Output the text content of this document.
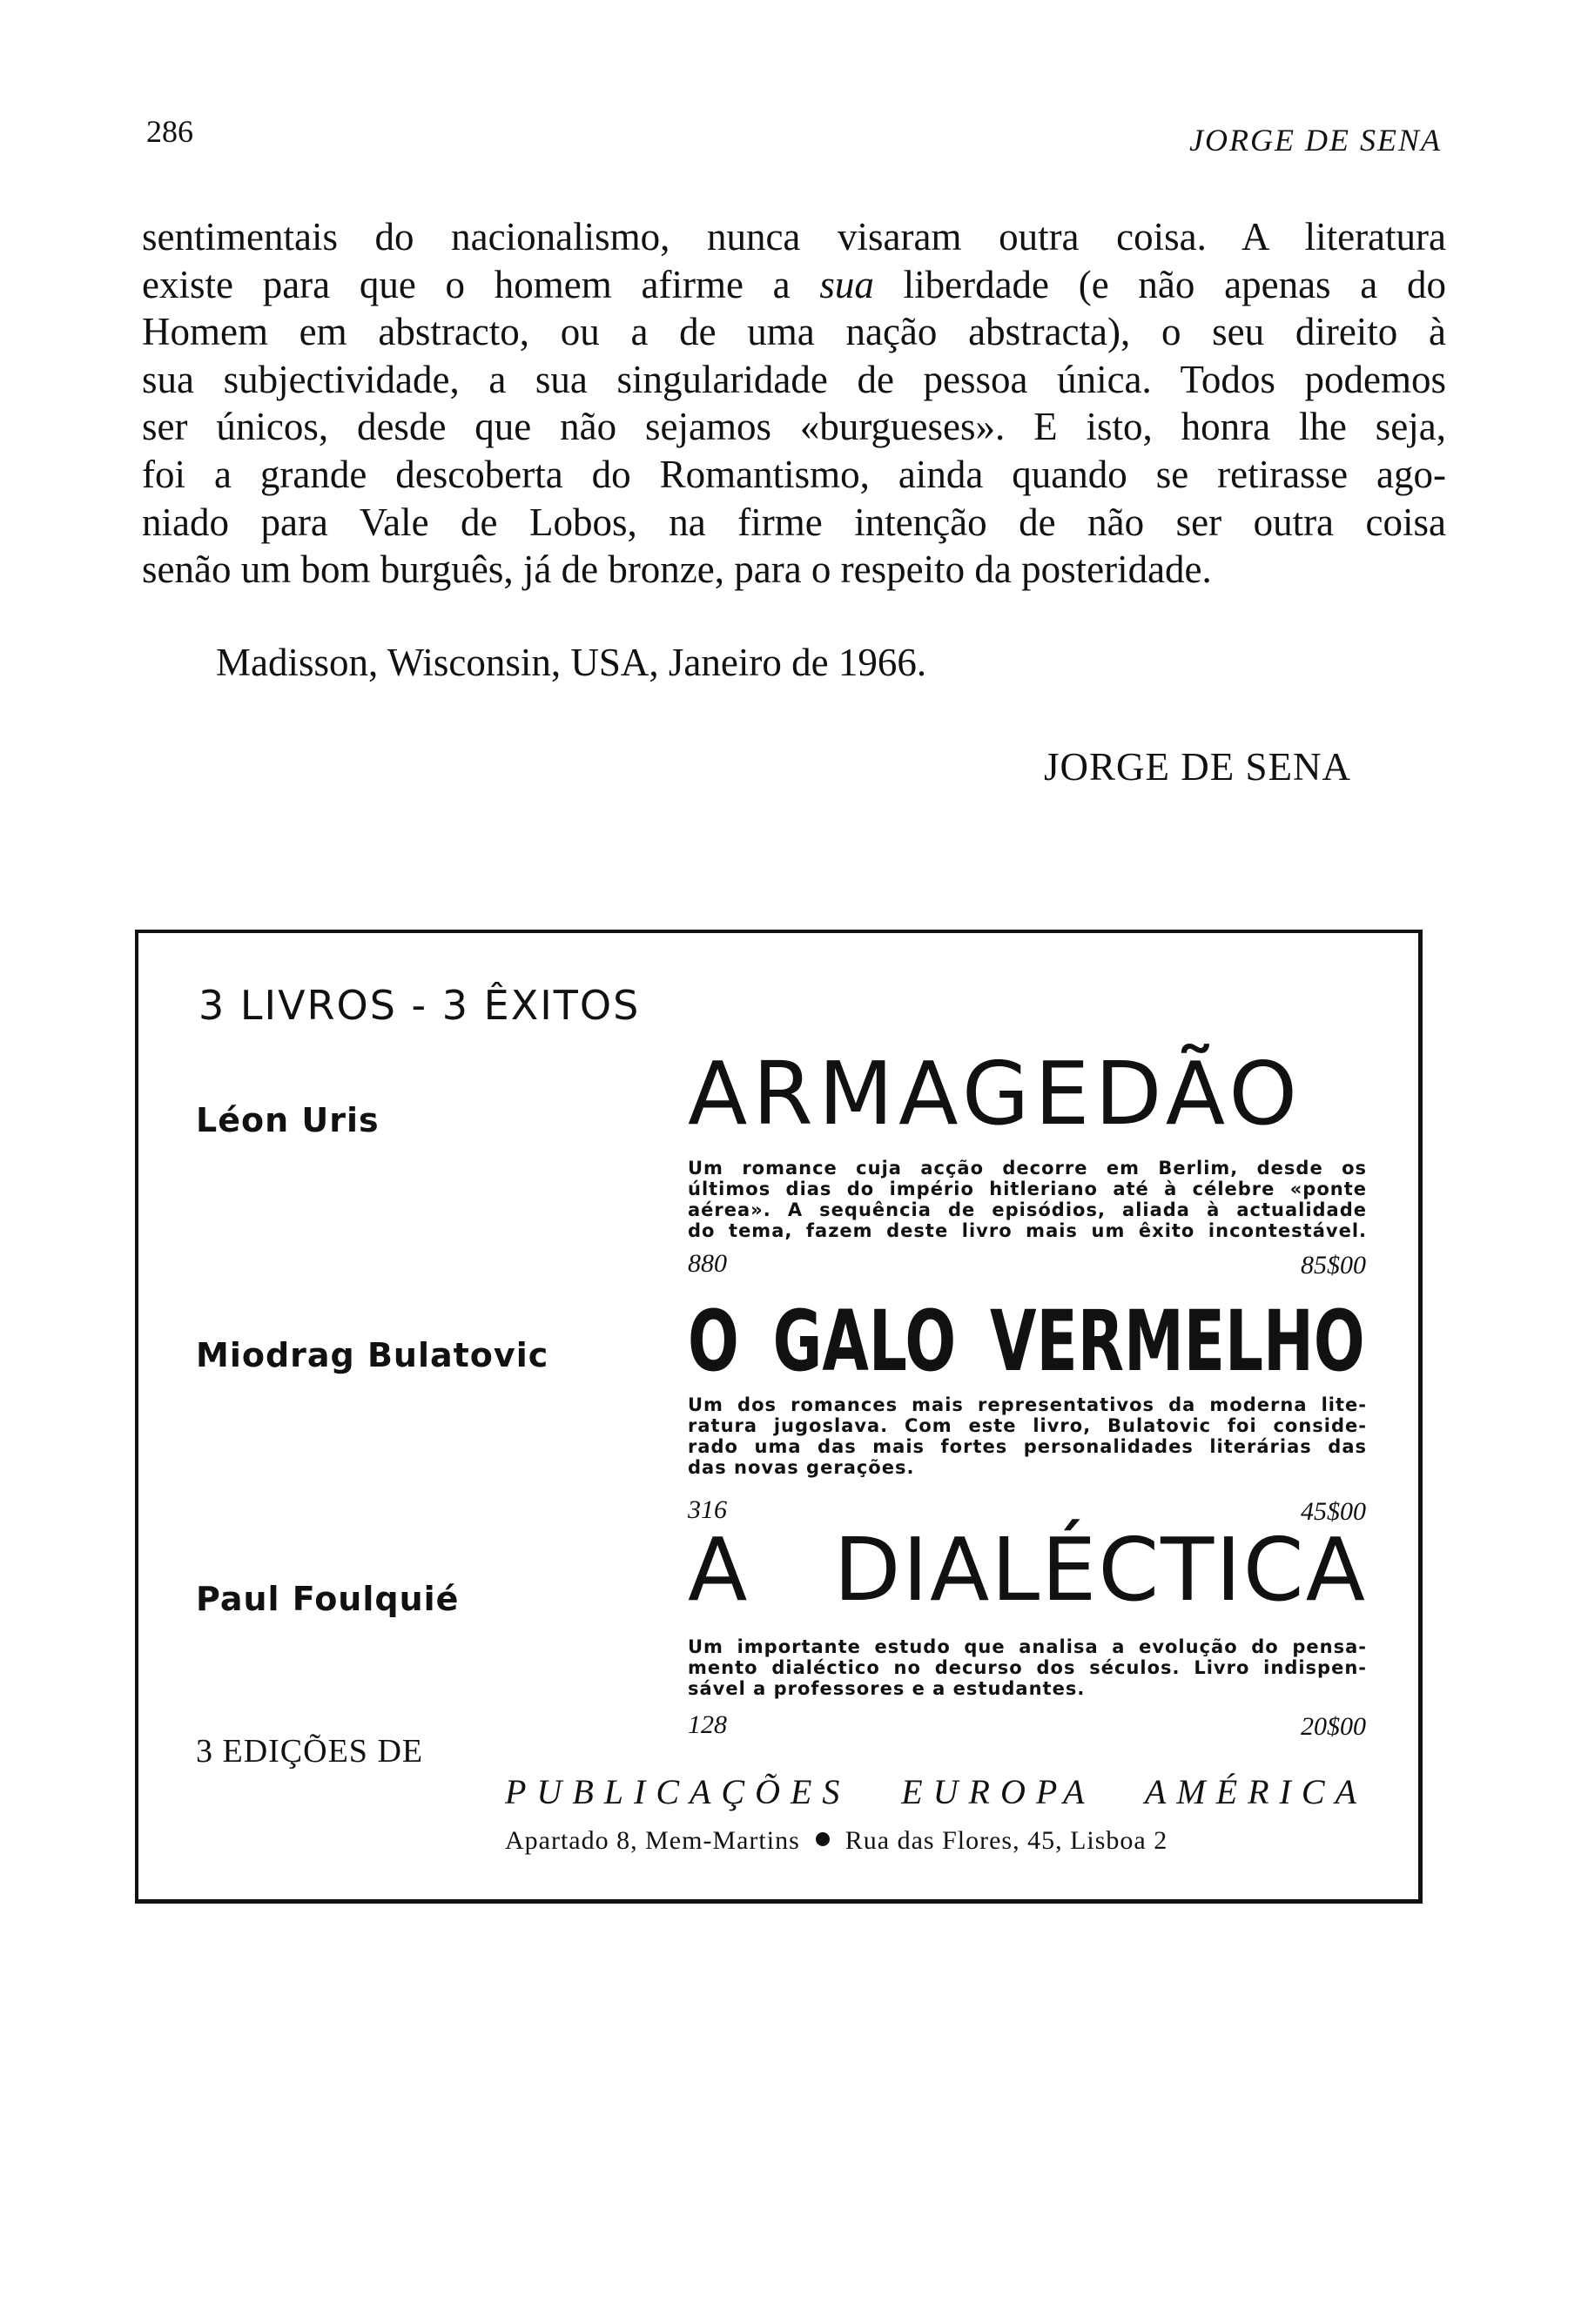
286	JORGE DE SENA
sentimentais do nacionalismo, nunca visaram outra coisa. A literatura
existe para que o homem afirme a sua liberdade (e não apenas a do
Homem em abstracto, ou a de uma nação abstracta), o seu direito à
sua subjectividade, a sua singularidade de pessoa única. Todos podemos
ser únicos, desde que não sejamos «burgueses». E isto, honra lhe seja,
foi a grande descoberta do Romantismo, ainda quando se retirasse ago-
niado para Vale de Lobos, na firme intenção de não ser outra coisa
senão um bom burguês, já de bronze, para o respeito da posteridade.
Madisson, Wisconsin, USA, Janeiro de 1966.
JORGE DE SENA
3 LIVROS - 3 ÊXITOS
Léon Uris	ARMAGEDÃO
Um romance cuja acção decorre em Berlim, desde os
últimos dias do império hitleriano até à célebre «ponte
aérea». A sequência de episódios, aliada à actualidade
do tema, fazem deste livro mais um êxito incontestável.
880	85$00
Miodrag Bulatovic O GALO VERMELHO
Um dos romances mais representativos da moderna lite-
ratura jugoslava. Com este livro, Bulatovic foi conside-
rado uma das mais fortes personalidades literárias das
das novas gerações.
316	45$00
Paul Foulquié	A DIALÉCTICA
Um importante estudo que analisa a evolução do pensa-
mento dialéctico no decurso dos séculos. Livro indispen-
sável a professores e a estudantes.
128	20$00
3 EDIÇÕES DE
PUBLICAÇÕES EUROPA AMÉRICA
Apartado 8, Mem-Martins Rua das Flores, 45, Lisboa 2
